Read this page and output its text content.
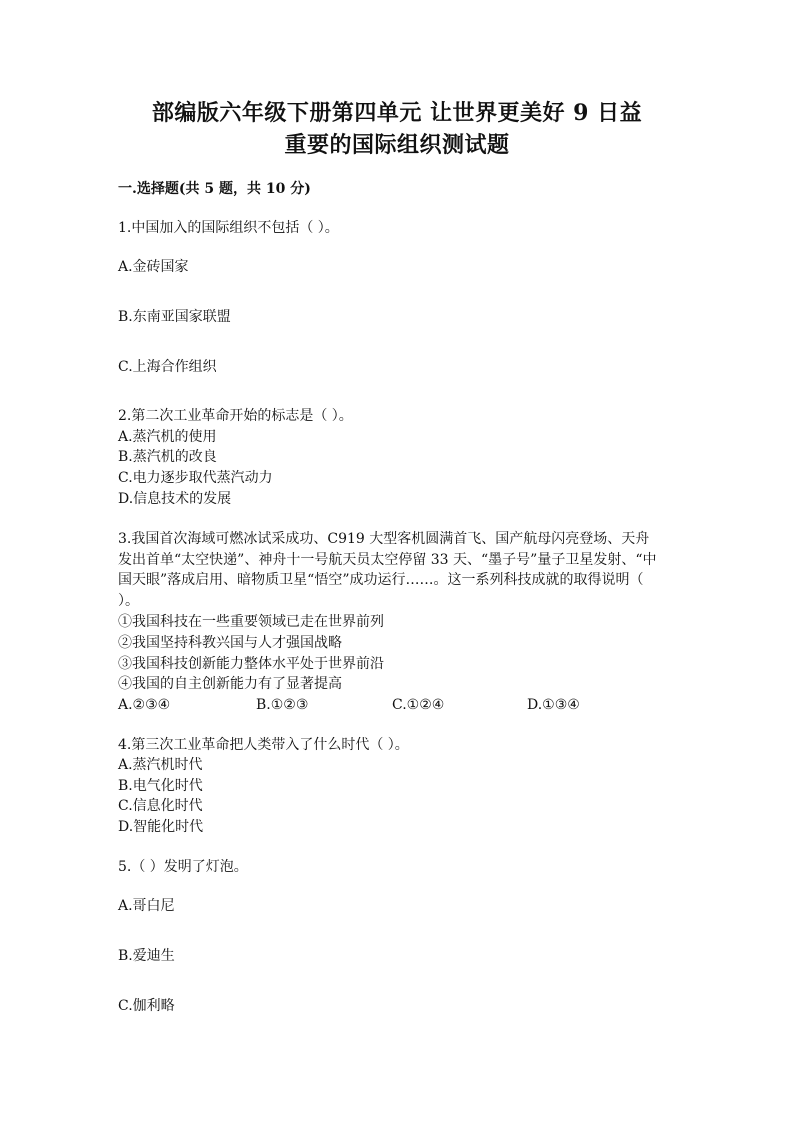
部编版六年级下册第四单元 让世界更美好 9 日益
重要的国际组织测试题
一.选择题(共 5 题，共 10 分)
1.中国加入的国际组织不包括（ ）。
A.金砖国家
B.东南亚国家联盟
C.上海合作组织
2.第二次工业革命开始的标志是（ ）。
A.蒸汽机的使用
B.蒸汽机的改良
C.电力逐步取代蒸汽动力
D.信息技术的发展
3.我国首次海域可燃冰试采成功、C919 大型客机圆满首飞、国产航母闪亮登场、天舟发出首单“太空快递”、神舟十一号航天员太空停留 33 天、“墨子号”量子卫星发射、“中国天眼”落成启用、暗物质卫星“悟空”成功运行……。这一系列科技成就的取得说明（ ）。
①我国科技在一些重要领域已走在世界前列
②我国坚持科教兴国与人才强国战略
③我国科技创新能力整体水平处于世界前沿
④我国的自主创新能力有了显著提高
A.②③④	B.①②③	C.①②④	D.①③④
4.第三次工业革命把人类带入了什么时代（ ）。
A.蒸汽机时代
B.电气化时代
C.信息化时代
D.智能化时代
5.（ ）发明了灯泡。
A.哥白尼
B.爱迪生
C.伽利略
